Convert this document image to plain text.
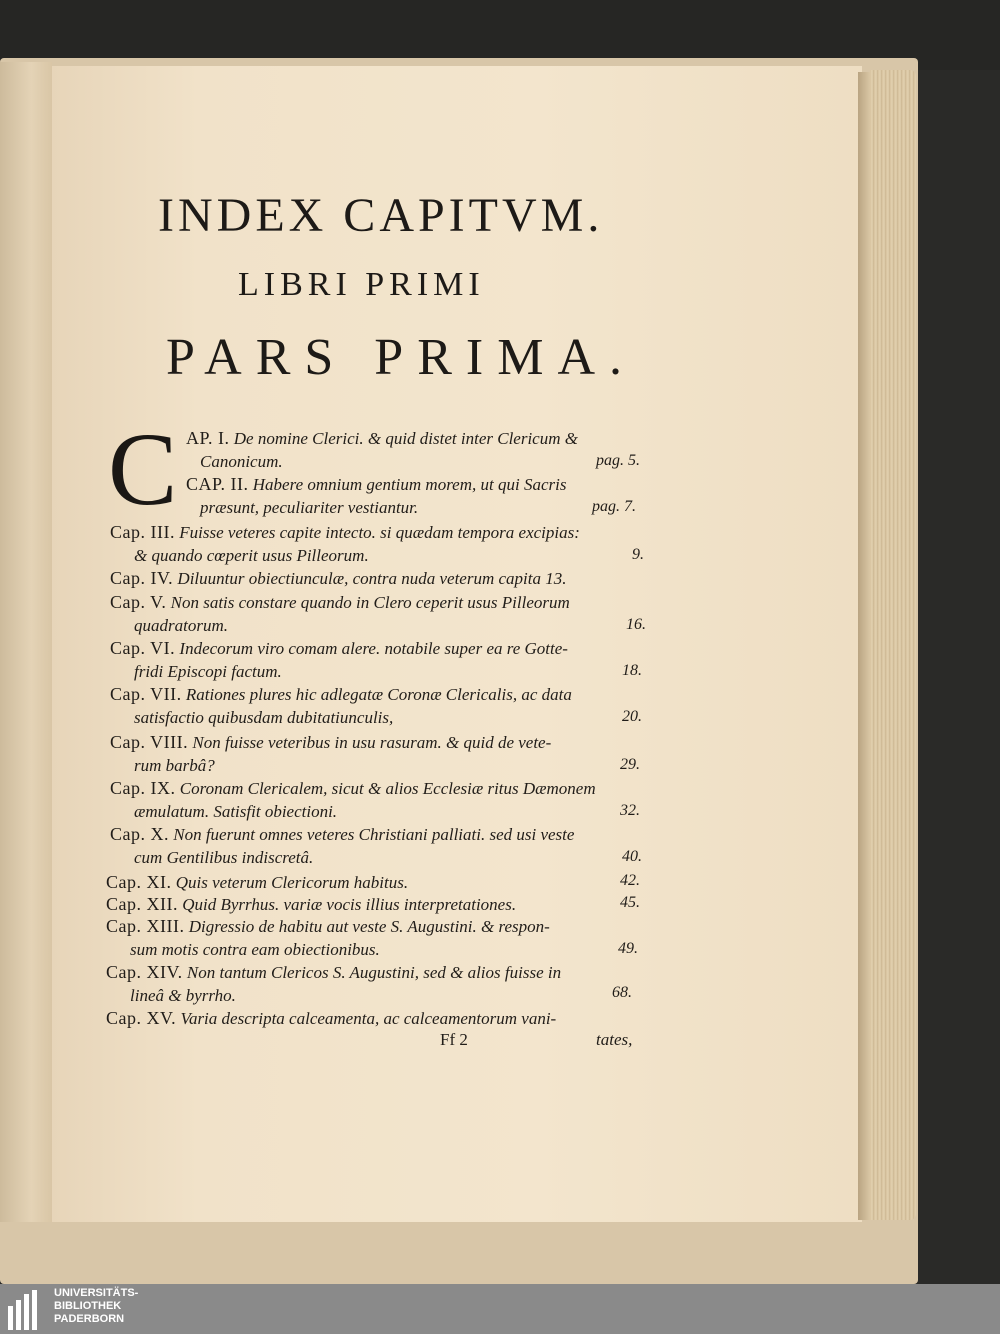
INDEX CAPITVM.
LIBRI PRIMI
PARS PRIMA.
C AP. I. De nomine Clerici. & quid distet inter Clericum &
Canonicum.	pag. 5.
CAP. II. Habere omnium gentium morem, ut qui Sacris
præsunt, peculiariter vestiantur.	pag. 7.
Cap. III. Fuisse veteres capite intecto. si quædam tempora excipias:
& quando cœperit usus Pilleorum.	9.
Cap. IV. Diluuntur obiectiunculæ, contra nuda veterum capita 13.
Cap. V. Non satis constare quando in Clero ceperit usus Pilleorum
quadratorum.	16.
Cap. VI. Indecorum viro comam alere. notabile super ea re Gotte-
fridi Episcopi factum.	18.
Cap. VII. Rationes plures hic adlegatæ Coronæ Clericalis, ac data
satisfactio quibusdam dubitatiunculis,	20.
Cap. VIII. Non fuisse veteribus in usu rasuram. & quid de vete-
rum barbâ?	29.
Cap. IX. Coronam Clericalem, sicut & alios Ecclesiæ ritus Dæmonem
æmulatum. Satisfit obiectioni.	32.
Cap. X. Non fuerunt omnes veteres Christiani palliati. sed usi veste
cum Gentilibus indiscretâ.	40.
Cap. XI. Quis veterum Clericorum habitus.	42.
Cap. XII. Quid Byrrhus. variæ vocis illius interpretationes.	45.
Cap. XIII. Digressio de habitu aut veste S. Augustini. & respon-
sum motis contra eam obiectionibus.	49.
Cap. XIV. Non tantum Clericos S. Augustini, sed & alios fuisse in
lineâ & byrrho.	68.
Cap. XV. Varia descripta calceamenta, ac calceamentorum vani-
Ff 2	tates,
UNIVERSITÄTS-
BIBLIOTHEK
PADERBORN
